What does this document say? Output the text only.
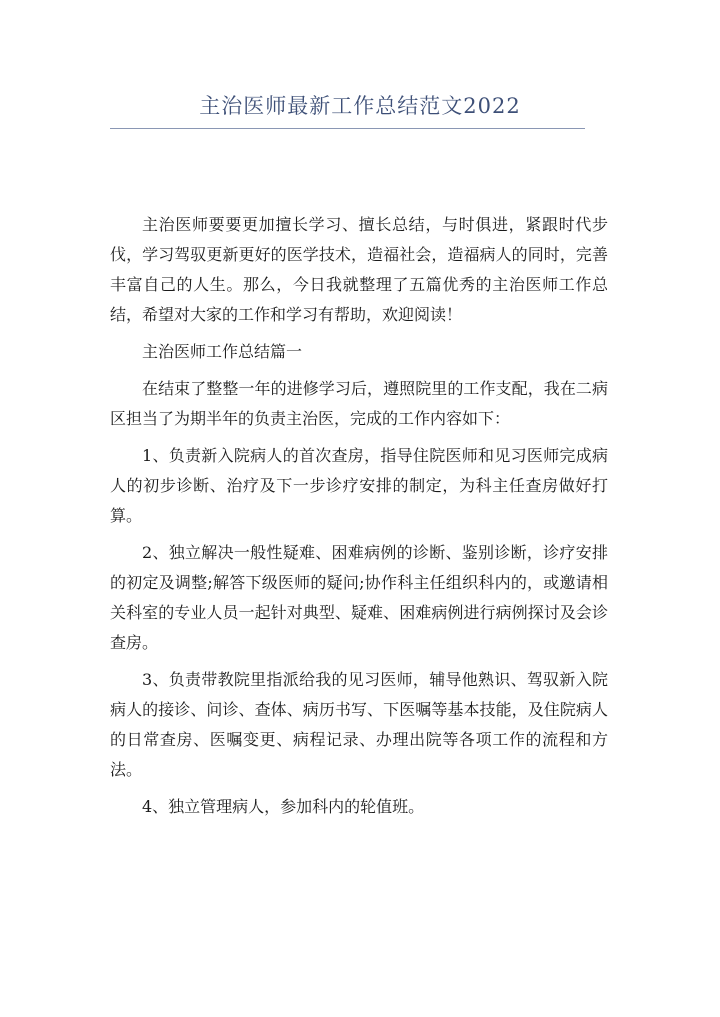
主治医师最新工作总结范文2022

主治医师要要更加擅长学习、擅长总结，与时俱进，紧跟时代步伐，学习驾驭更新更好的医学技术，造福社会，造福病人的同时，完善丰富自己的人生。那么，今日我就整理了五篇优秀的主治医师工作总结，希望对大家的工作和学习有帮助，欢迎阅读！

主治医师工作总结篇一

在结束了整整一年的进修学习后，遵照院里的工作支配，我在二病区担当了为期半年的负责主治医，完成的工作内容如下：

1、负责新入院病人的首次查房，指导住院医师和见习医师完成病人的初步诊断、治疗及下一步诊疗安排的制定，为科主任查房做好打算。

2、独立解决一般性疑难、困难病例的诊断、鉴别诊断，诊疗安排的初定及调整;解答下级医师的疑问;协作科主任组织科内的，或邀请相关科室的专业人员一起针对典型、疑难、困难病例进行病例探讨及会诊查房。

3、负责带教院里指派给我的见习医师，辅导他熟识、驾驭新入院病人的接诊、问诊、查体、病历书写、下医嘱等基本技能，及住院病人的日常查房、医嘱变更、病程记录、办理出院等各项工作的流程和方法。

4、独立管理病人，参加科内的轮值班。
